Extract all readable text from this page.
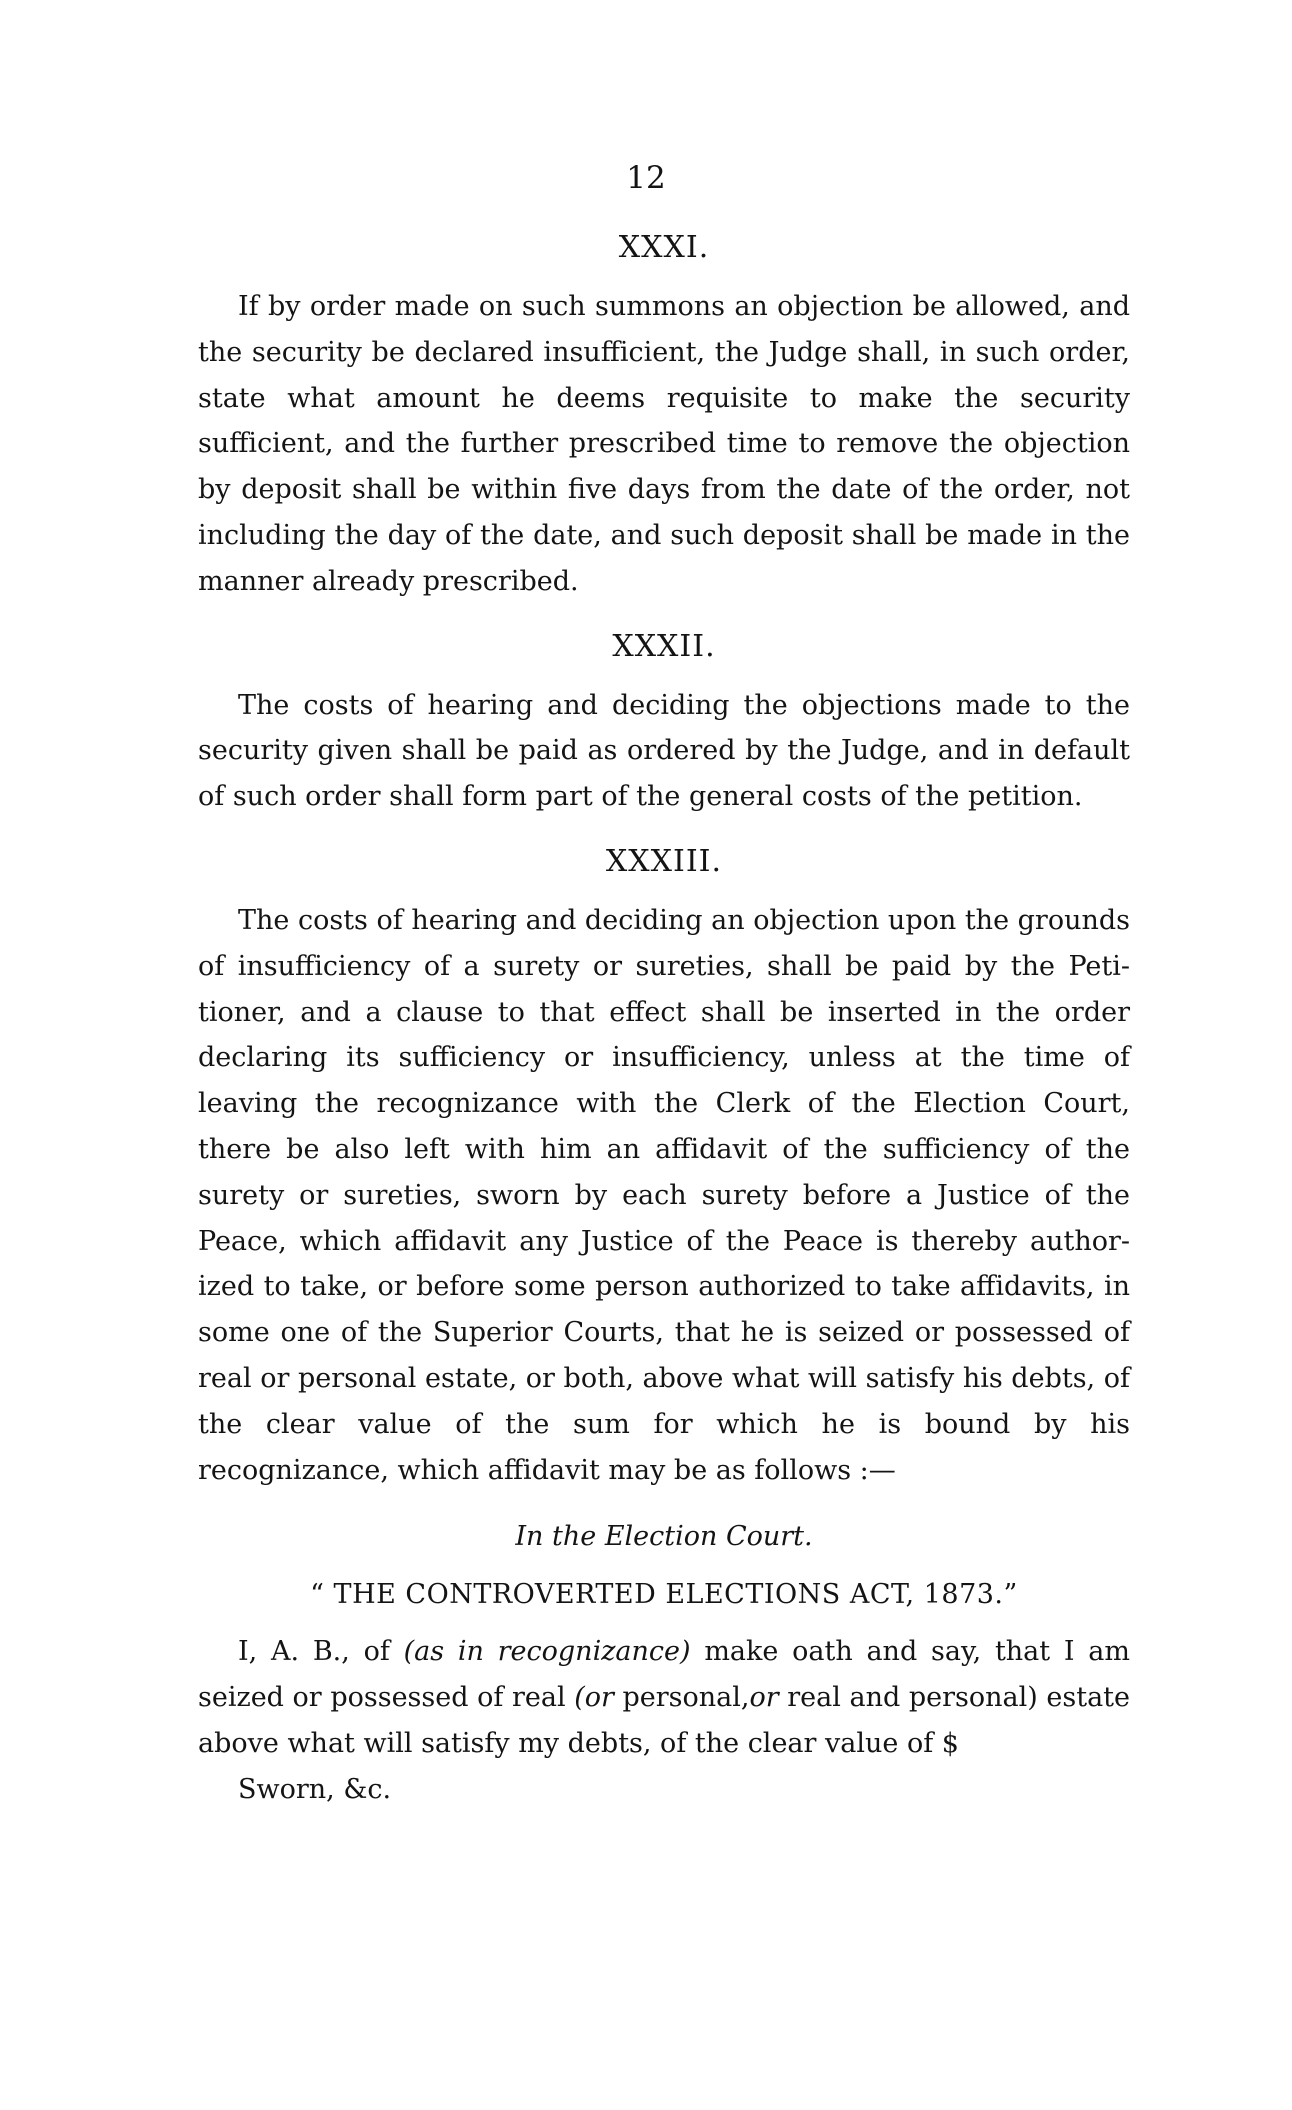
12
XXXI.

If by order made on such summons an objection be allowed, and the security be declared insufficient, the Judge shall, in such order, state what amount he deems requisite to make the security sufficient, and the further prescribed time to remove the objection by deposit shall be within five days from the date of the order, not including the day of the date, and such deposit shall be made in the manner already prescribed.

XXXII.

The costs of hearing and deciding the objections made to the security given shall be paid as ordered by the Judge, and in default of such order shall form part of the general costs of the petition.

XXXIII.

The costs of hearing and deciding an objection upon the grounds of insufficiency of a surety or sureties, shall be paid by the Peti-tioner, and a clause to that effect shall be inserted in the order declaring its sufficiency or insufficiency, unless at the time of leaving the recognizance with the Clerk of the Election Court, there be also left with him an affidavit of the sufficiency of the surety or sureties, sworn by each surety before a Justice of the Peace, which affidavit any Justice of the Peace is thereby author-ized to take, or before some person authorized to take affidavits, in some one of the Superior Courts, that he is seized or possessed of real or personal estate, or both, above what will satisfy his debts, of the clear value of the sum for which he is bound by his recognizance, which affidavit may be as follows :—

In the Election Court.
“ THE CONTROVERTED ELECTIONS ACT, 1873.”

I, A. B., of (as in recognizance) make oath and say, that I am seized or possessed of real (or personal,or real and personal) estate above what will satisfy my debts, of the clear value of $

Sworn, &c.
